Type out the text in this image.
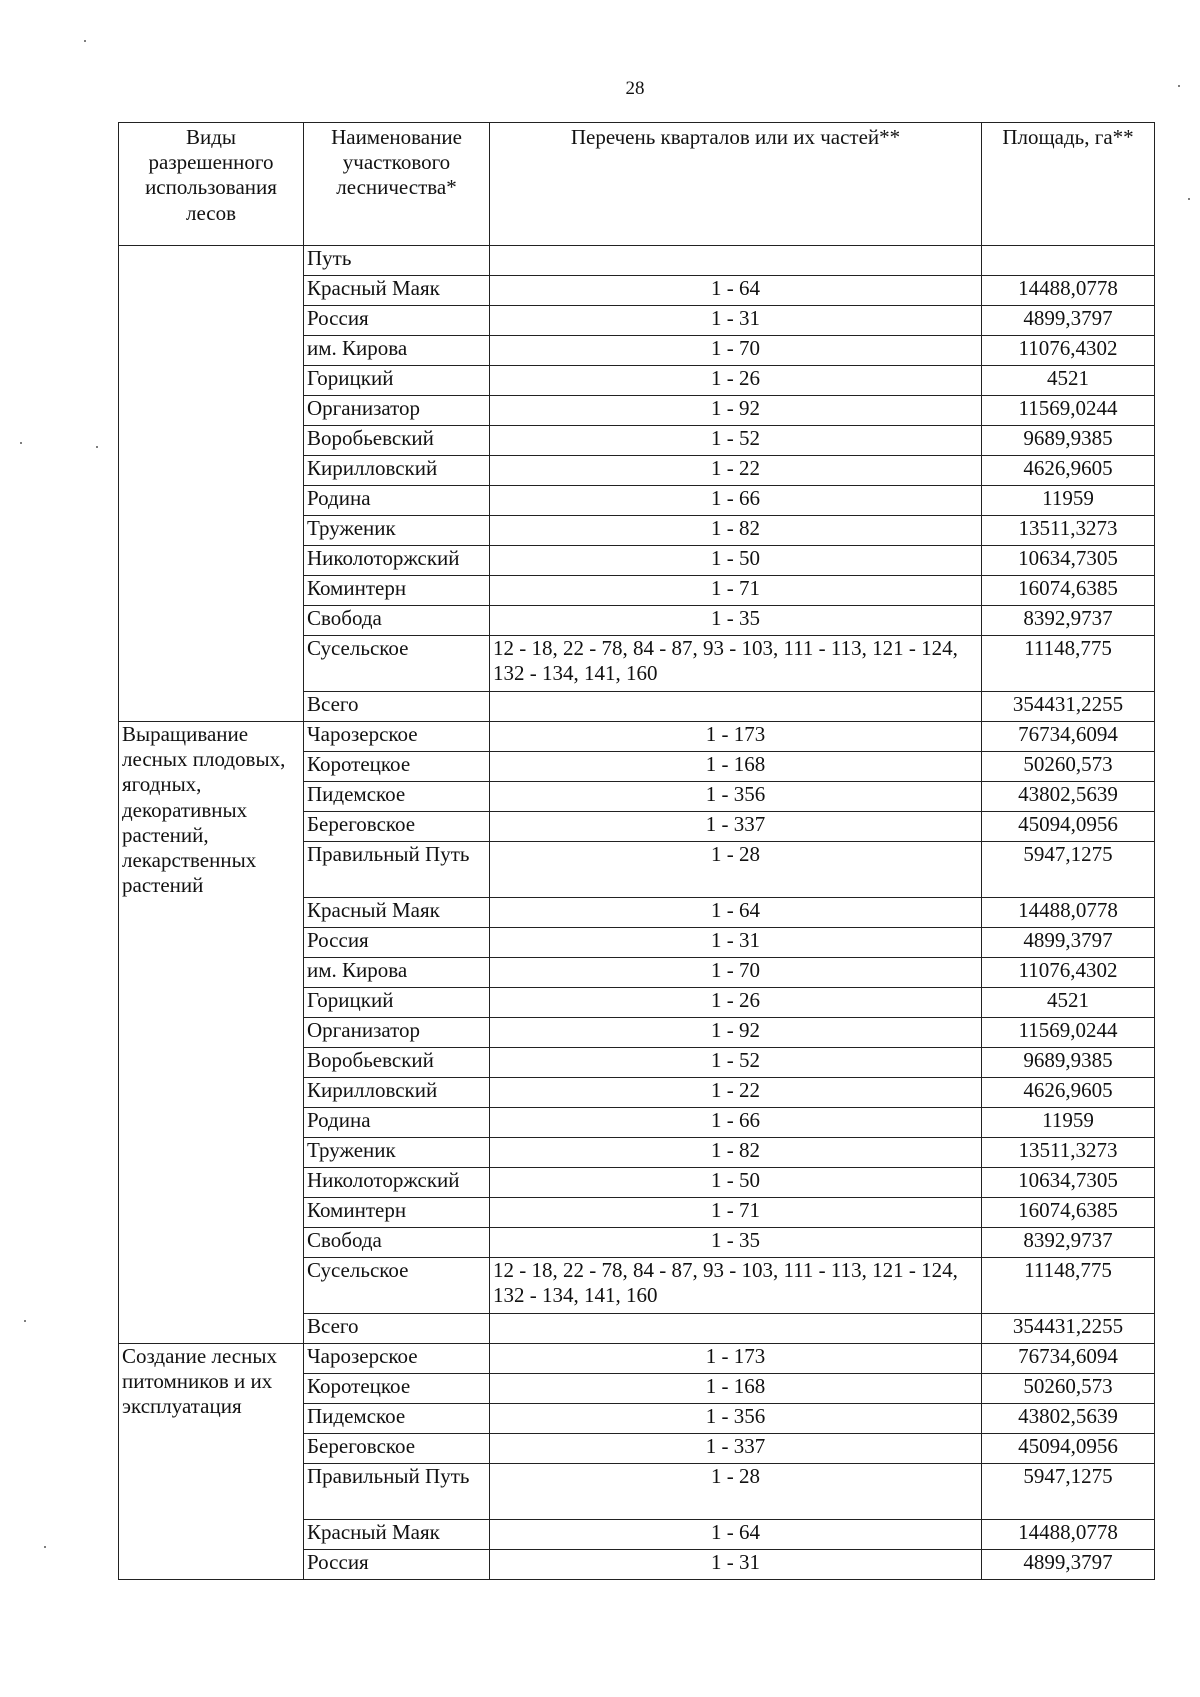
28
Виды разрешенного использования лесов	Наименование участкового лесничества*	Перечень кварталов или их частей**	Площадь, га**
	Путь		
	Красный Маяк	1 - 64	14488,0778
	Россия	1 - 31	4899,3797
	им. Кирова	1 - 70	11076,4302
	Горицкий	1 - 26	4521
	Организатор	1 - 92	11569,0244
	Воробьевский	1 - 52	9689,9385
	Кирилловский	1 - 22	4626,9605
	Родина	1 - 66	11959
	Труженик	1 - 82	13511,3273
	Николоторжский	1 - 50	10634,7305
	Коминтерн	1 - 71	16074,6385
	Свобода	1 - 35	8392,9737
	Сусельское	12 - 18, 22 - 78, 84 - 87, 93 - 103, 111 - 113, 121 - 124, 132 - 134, 141, 160	11148,775
	Всего		354431,2255
Выращивание лесных плодовых, ягодных, декоративных растений, лекарственных растений	Чарозерское	1 - 173	76734,6094
	Коротецкое	1 - 168	50260,573
	Пидемское	1 - 356	43802,5639
	Береговское	1 - 337	45094,0956
	Правильный Путь	1 - 28	5947,1275
	Красный Маяк	1 - 64	14488,0778
	Россия	1 - 31	4899,3797
	им. Кирова	1 - 70	11076,4302
	Горицкий	1 - 26	4521
	Организатор	1 - 92	11569,0244
	Воробьевский	1 - 52	9689,9385
	Кирилловский	1 - 22	4626,9605
	Родина	1 - 66	11959
	Труженик	1 - 82	13511,3273
	Николоторжский	1 - 50	10634,7305
	Коминтерн	1 - 71	16074,6385
	Свобода	1 - 35	8392,9737
	Сусельское	12 - 18, 22 - 78, 84 - 87, 93 - 103, 111 - 113, 121 - 124, 132 - 134, 141, 160	11148,775
	Всего		354431,2255
Создание лесных питомников и их эксплуатация	Чарозерское	1 - 173	76734,6094
	Коротецкое	1 - 168	50260,573
	Пидемское	1 - 356	43802,5639
	Береговское	1 - 337	45094,0956
	Правильный Путь	1 - 28	5947,1275
	Красный Маяк	1 - 64	14488,0778
	Россия	1 - 31	4899,3797
